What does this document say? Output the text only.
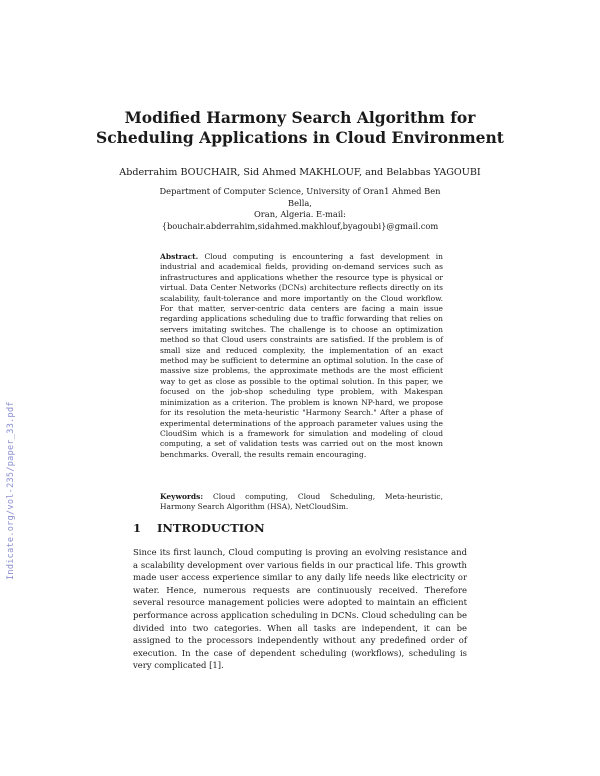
Indicate.org/vol-235/paper_33.pdf
Modified Harmony Search Algorithm for
Scheduling Applications in Cloud Environment
Abderrahim BOUCHAIR, Sid Ahmed MAKHLOUF, and Belabbas YAGOUBI
Department of Computer Science, University of Oran1 Ahmed Ben Bella,
Oran, Algeria. E-mail:
{bouchair.abderrahim,sidahmed.makhlouf,byagoubi}@gmail.com
Abstract. Cloud computing is encountering a fast development in industrial and academical fields, providing on-demand services such as infrastructures and applications whether the resource type is physical or virtual. Data Center Networks (DCNs) architecture reflects directly on its scalability, fault-tolerance and more importantly on the Cloud workflow. For that matter, server-centric data centers are facing a main issue regarding applications scheduling due to traffic forwarding that relies on servers imitating switches. The challenge is to choose an optimization method so that Cloud users constraints are satisfied. If the problem is of small size and reduced complexity, the implementation of an exact method may be sufficient to determine an optimal solution. In the case of massive size problems, the approximate methods are the most efficient way to get as close as possible to the optimal solution. In this paper, we focused on the job-shop scheduling type problem, with Makespan minimization as a criterion. The problem is known NP-hard, we propose for its resolution the meta-heuristic "Harmony Search." After a phase of experimental determinations of the approach parameter values using the CloudSim which is a framework for simulation and modeling of cloud computing, a set of validation tests was carried out on the most known benchmarks. Overall, the results remain encouraging.
Keywords: Cloud computing, Cloud Scheduling, Meta-heuristic, Harmony Search Algorithm (HSA), NetCloudSim.
1 INTRODUCTION
Since its first launch, Cloud computing is proving an evolving resistance and a scalability development over various fields in our practical life. This growth made user access experience similar to any daily life needs like electricity or water. Hence, numerous requests are continuously received. Therefore several resource management policies were adopted to maintain an efficient performance across application scheduling in DCNs. Cloud scheduling can be divided into two categories. When all tasks are independent, it can be assigned to the processors independently without any predefined order of execution. In the case of dependent scheduling (workflows), scheduling is very complicated [1].
